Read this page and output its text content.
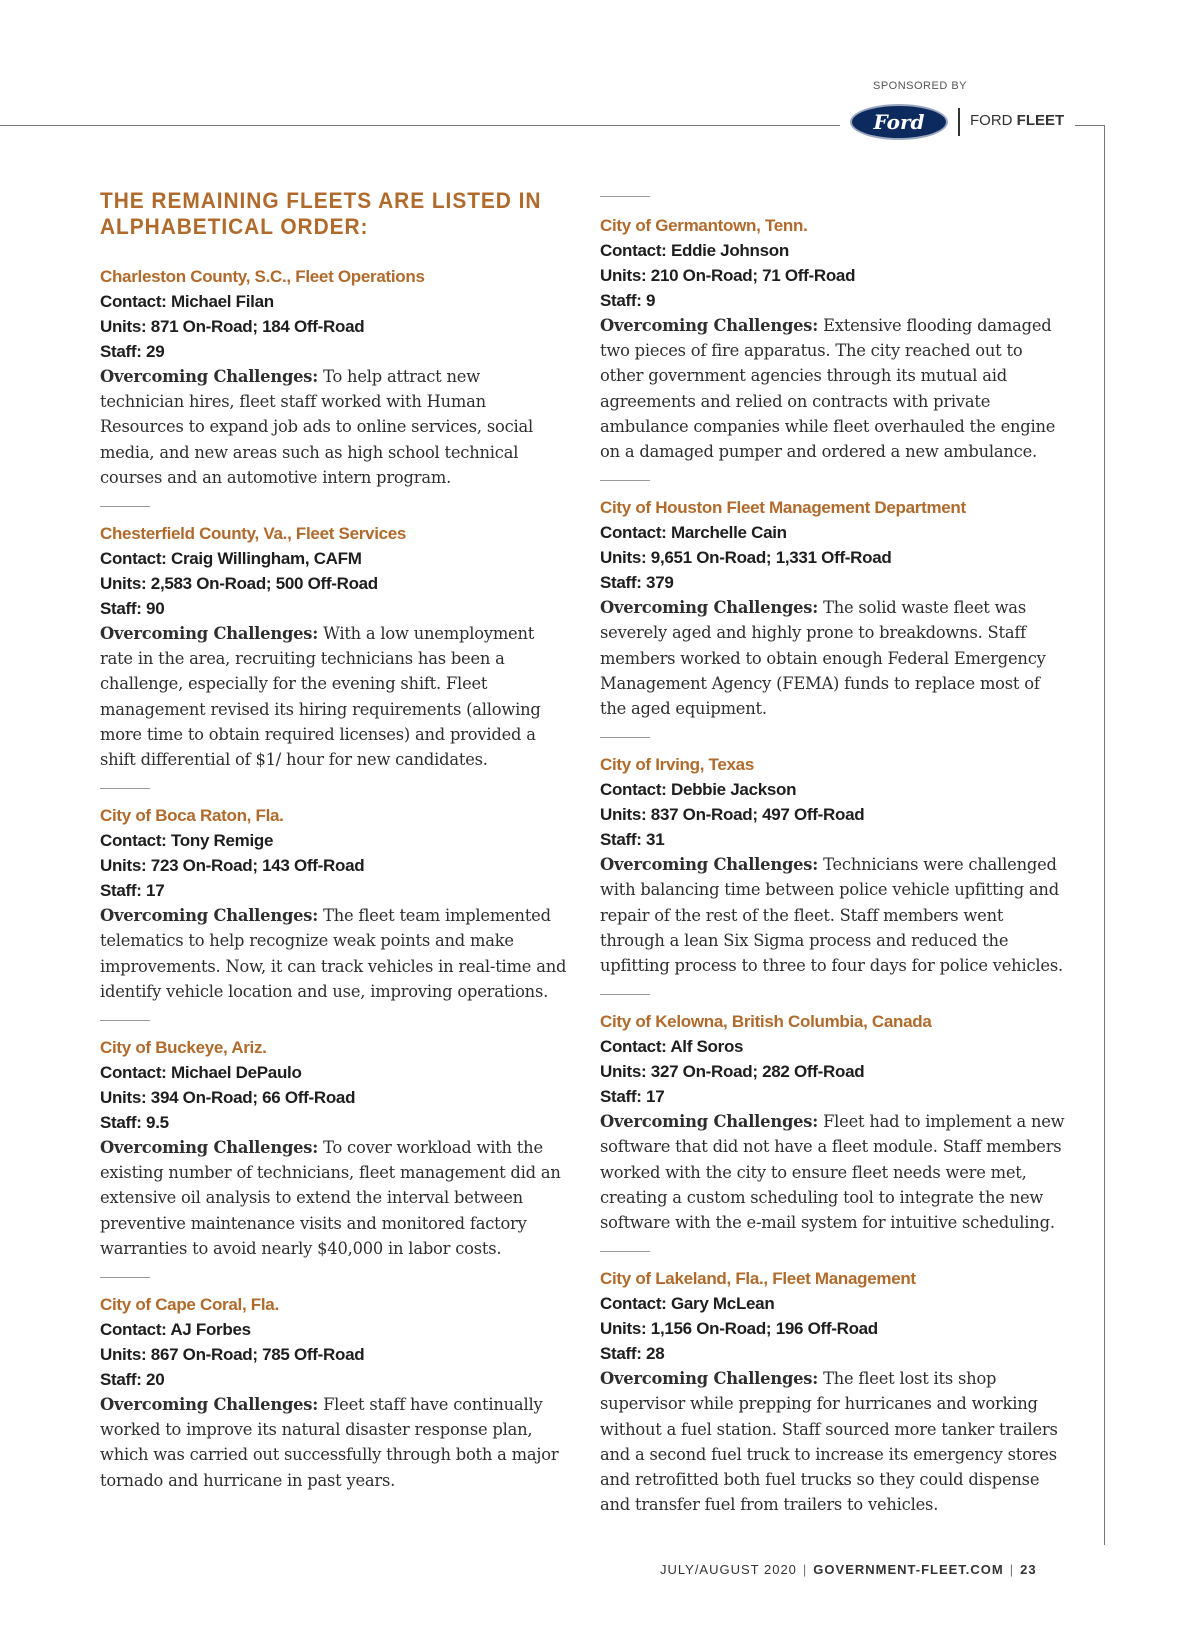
SPONSORED BY
Ford	FORD FLEET
THE REMAINING FLEETS ARE LISTED IN ALPHABETICAL ORDER:
Charleston County, S.C., Fleet Operations
Contact: Michael Filan
Units: 871 On-Road; 184 Off-Road
Staff: 29
Overcoming Challenges: To help attract new technician hires, fleet staff worked with Human Resources to expand job ads to online services, social media, and new areas such as high school technical courses and an automotive intern program.
Chesterfield County, Va., Fleet Services
Contact: Craig Willingham, CAFM
Units: 2,583 On-Road; 500 Off-Road
Staff: 90
Overcoming Challenges: With a low unemployment rate in the area, recruiting technicians has been a challenge, especially for the evening shift. Fleet management revised its hiring requirements (allowing more time to obtain required licenses) and provided a shift differential of $1/ hour for new candidates.
City of Boca Raton, Fla.
Contact: Tony Remige
Units: 723 On-Road; 143 Off-Road
Staff: 17
Overcoming Challenges: The fleet team implemented telematics to help recognize weak points and make improvements. Now, it can track vehicles in real-time and identify vehicle location and use, improving operations.
City of Buckeye, Ariz.
Contact: Michael DePaulo
Units: 394 On-Road; 66 Off-Road
Staff: 9.5
Overcoming Challenges: To cover workload with the existing number of technicians, fleet management did an extensive oil analysis to extend the interval between preventive maintenance visits and monitored factory warranties to avoid nearly $40,000 in labor costs.
City of Cape Coral, Fla.
Contact: AJ Forbes
Units: 867 On-Road; 785 Off-Road
Staff: 20
Overcoming Challenges: Fleet staff have continually worked to improve its natural disaster response plan, which was carried out successfully through both a major tornado and hurricane in past years.
City of Germantown, Tenn.
Contact: Eddie Johnson
Units: 210 On-Road; 71 Off-Road
Staff: 9
Overcoming Challenges: Extensive flooding damaged two pieces of fire apparatus. The city reached out to other government agencies through its mutual aid agreements and relied on contracts with private ambulance companies while fleet overhauled the engine on a damaged pumper and ordered a new ambulance.
City of Houston Fleet Management Department
Contact: Marchelle Cain
Units: 9,651 On-Road; 1,331 Off-Road
Staff: 379
Overcoming Challenges: The solid waste fleet was severely aged and highly prone to breakdowns. Staff members worked to obtain enough Federal Emergency Management Agency (FEMA) funds to replace most of the aged equipment.
City of Irving, Texas
Contact: Debbie Jackson
Units: 837 On-Road; 497 Off-Road
Staff: 31
Overcoming Challenges: Technicians were challenged with balancing time between police vehicle upfitting and repair of the rest of the fleet. Staff members went through a lean Six Sigma process and reduced the upfitting process to three to four days for police vehicles.
City of Kelowna, British Columbia, Canada
Contact: Alf Soros
Units: 327 On-Road; 282 Off-Road
Staff: 17
Overcoming Challenges: Fleet had to implement a new software that did not have a fleet module. Staff members worked with the city to ensure fleet needs were met, creating a custom scheduling tool to integrate the new software with the e-mail system for intuitive scheduling.
City of Lakeland, Fla., Fleet Management
Contact: Gary McLean
Units: 1,156 On-Road; 196 Off-Road
Staff: 28
Overcoming Challenges: The fleet lost its shop supervisor while prepping for hurricanes and working without a fuel station. Staff sourced more tanker trailers and a second fuel truck to increase its emergency stores and retrofitted both fuel trucks so they could dispense and transfer fuel from trailers to vehicles.
JULY/AUGUST 2020 | GOVERNMENT-FLEET.COM | 23
